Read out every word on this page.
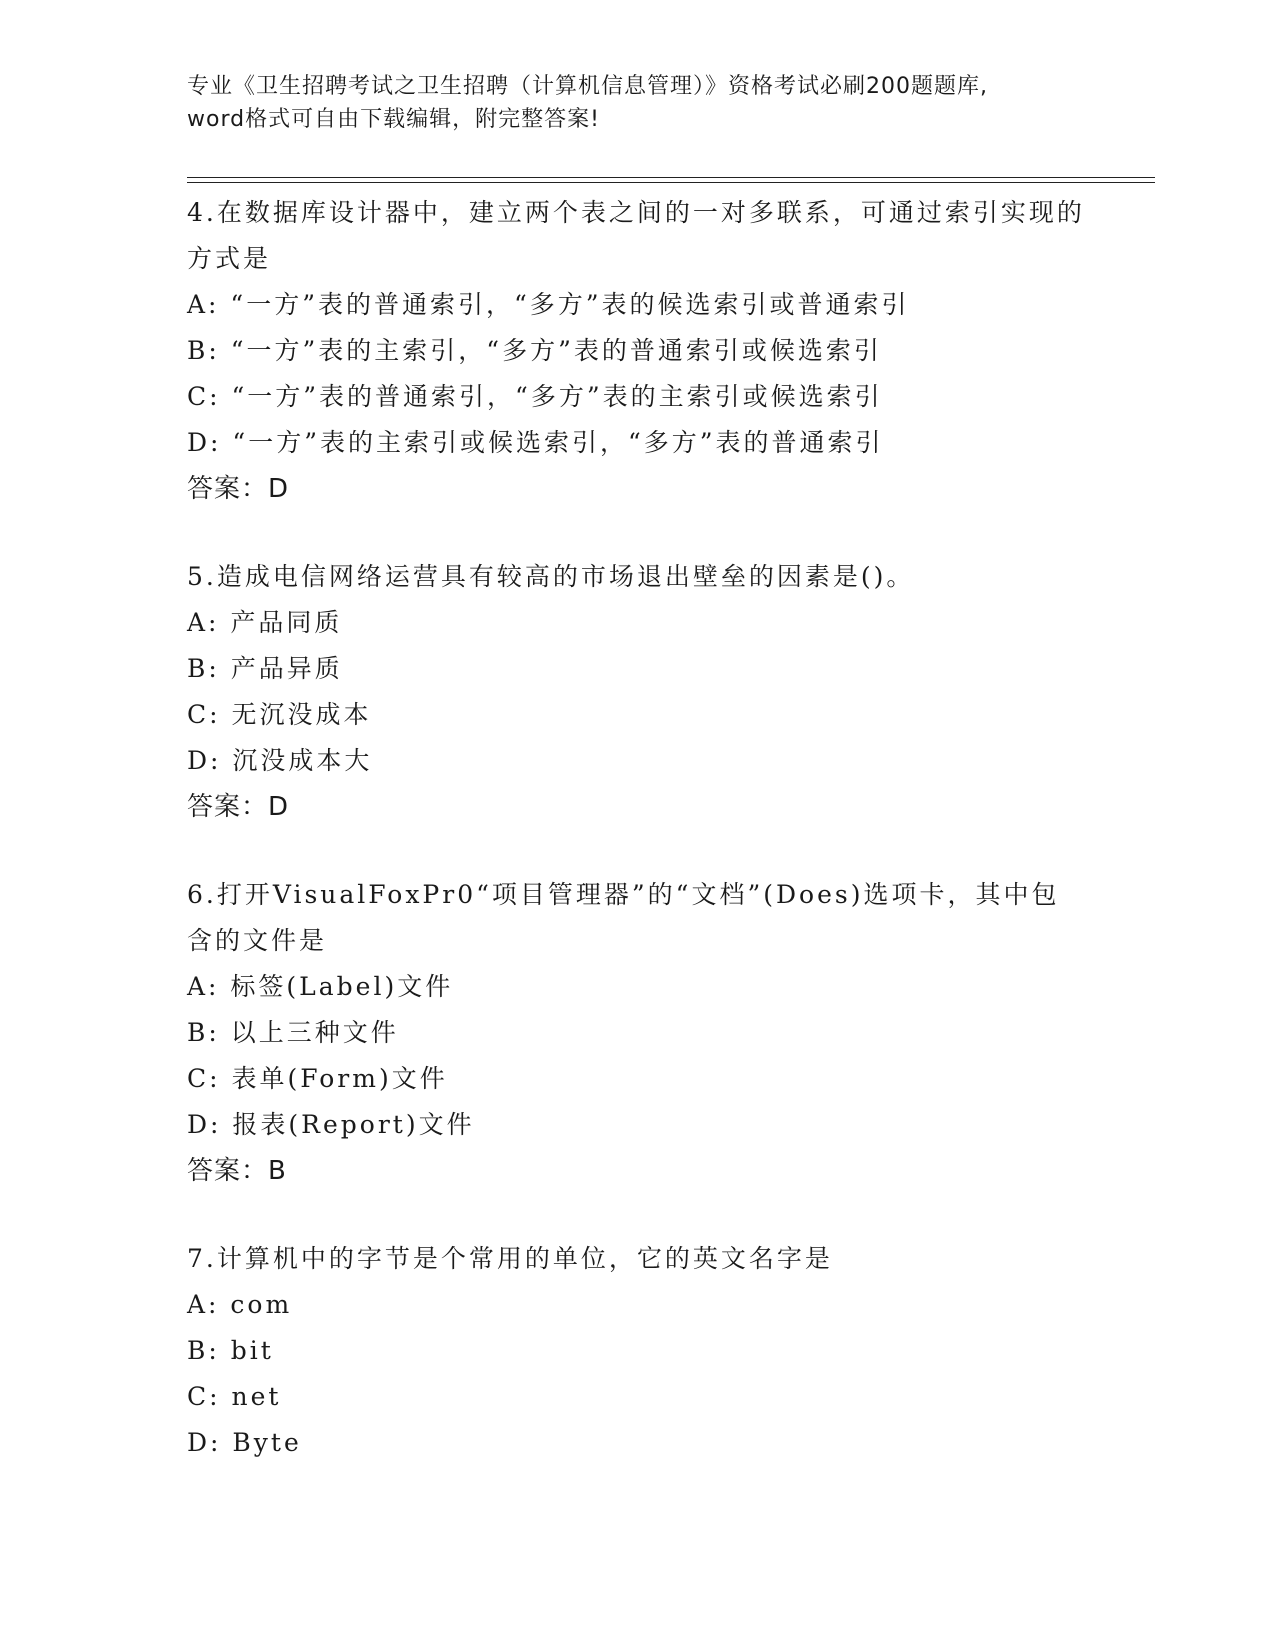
专业《卫生招聘考试之卫生招聘（计算机信息管理）》资格考试必刷200题题库,
word格式可自由下载编辑，附完整答案!
4.在数据库设计器中，建立两个表之间的一对多联系，可通过索引实现的方式是
A: “一方”表的普通索引，“多方”表的候选索引或普通索引
B: “一方”表的主索引，“多方”表的普通索引或候选索引
C: “一方”表的普通索引，“多方”表的主索引或候选索引
D: “一方”表的主索引或候选索引，“多方”表的普通索引
答案：D
5.造成电信网络运营具有较高的市场退出壁垒的因素是()。
A: 产品同质
B: 产品异质
C: 无沉没成本
D: 沉没成本大
答案：D
6.打开VisualFoxPr0“项目管理器”的“文档”(Does)选项卡，其中包含的文件是
A: 标签(Label)文件
B: 以上三种文件
C: 表单(Form)文件
D: 报表(Report)文件
答案：B
7.计算机中的字节是个常用的单位，它的英文名字是
A: com
B: bit
C: net
D: Byte
